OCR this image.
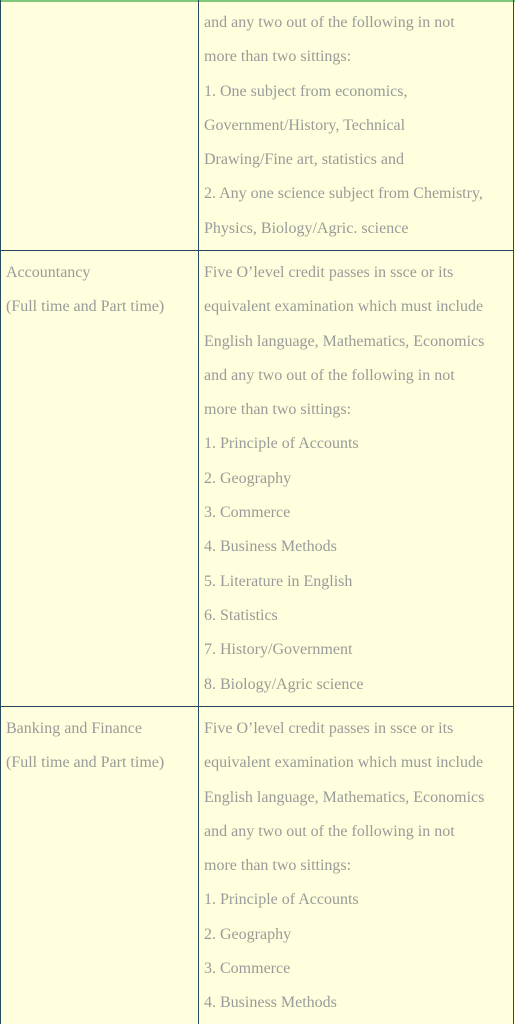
and any two out of the following in not
more than two sittings:
1. One subject from economics,
Government/History, Technical
Drawing/Fine art, statistics and
2. Any one science subject from Chemistry,
Physics, Biology/Agric. science
Accountancy
(Full time and Part time)
Five O’level credit passes in ssce or its
equivalent examination which must include
English language, Mathematics, Economics
and any two out of the following in not
more than two sittings:
1. Principle of Accounts
2. Geography
3. Commerce
4. Business Methods
5. Literature in English
6. Statistics
7. History/Government
8. Biology/Agric science
Banking and Finance
(Full time and Part time)
Five O’level credit passes in ssce or its
equivalent examination which must include
English language, Mathematics, Economics
and any two out of the following in not
more than two sittings:
1. Principle of Accounts
2. Geography
3. Commerce
4. Business Methods
